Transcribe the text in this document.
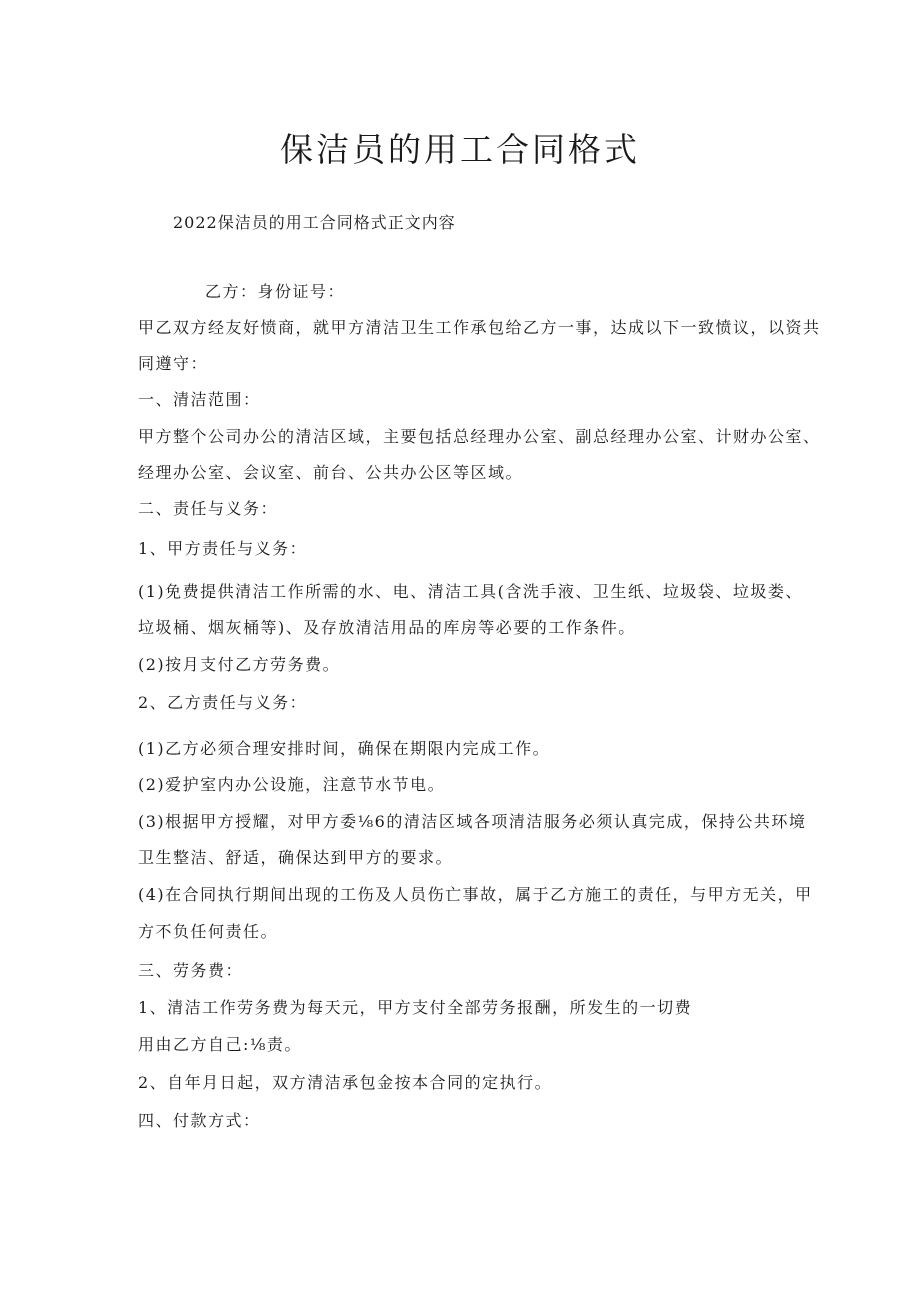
保洁员的用工合同格式

2022保洁员的用工合同格式正文内容

乙方：身份证号：

甲乙双方经友好愤商，就甲方清洁卫生工作承包给乙方一事，达成以下一致愤议，以资共

同遵守：

一、清洁范围：

甲方整个公司办公的清洁区域，主要包括总经理办公室、副总经理办公室、计财办公室、

经理办公室、会议室、前台、公共办公区等区域。

二、责任与义务：

1、甲方责任与义务：

(1)免费提供清洁工作所需的水、电、清洁工具(含洗手液、卫生纸、垃圾袋、垃圾娄、

垃圾桶、烟灰桶等)、及存放清洁用品的库房等必要的工作条件。

(2)按月支付乙方劳务费。

2、乙方责任与义务：

(1)乙方必须合理安排时间，确保在期限内完成工作。

(2)爱护室内办公设施，注意节水节电。

(3)根据甲方授耀，对甲方委⅛6的清洁区域各项清洁服务必须认真完成，保持公共环境

卫生整洁、舒适，确保达到甲方的要求。

(4)在合同执行期间出现的工伤及人员伤亡事故，属于乙方施工的责任，与甲方无关，甲

方不负任何责任。

三、劳务费：

1、清洁工作劳务费为每天元，甲方支付全部劳务报酬，所发生的一切费

用由乙方自己:⅛责。

2、自年月日起，双方清洁承包金按本合同的定执行。

四、付款方式：
